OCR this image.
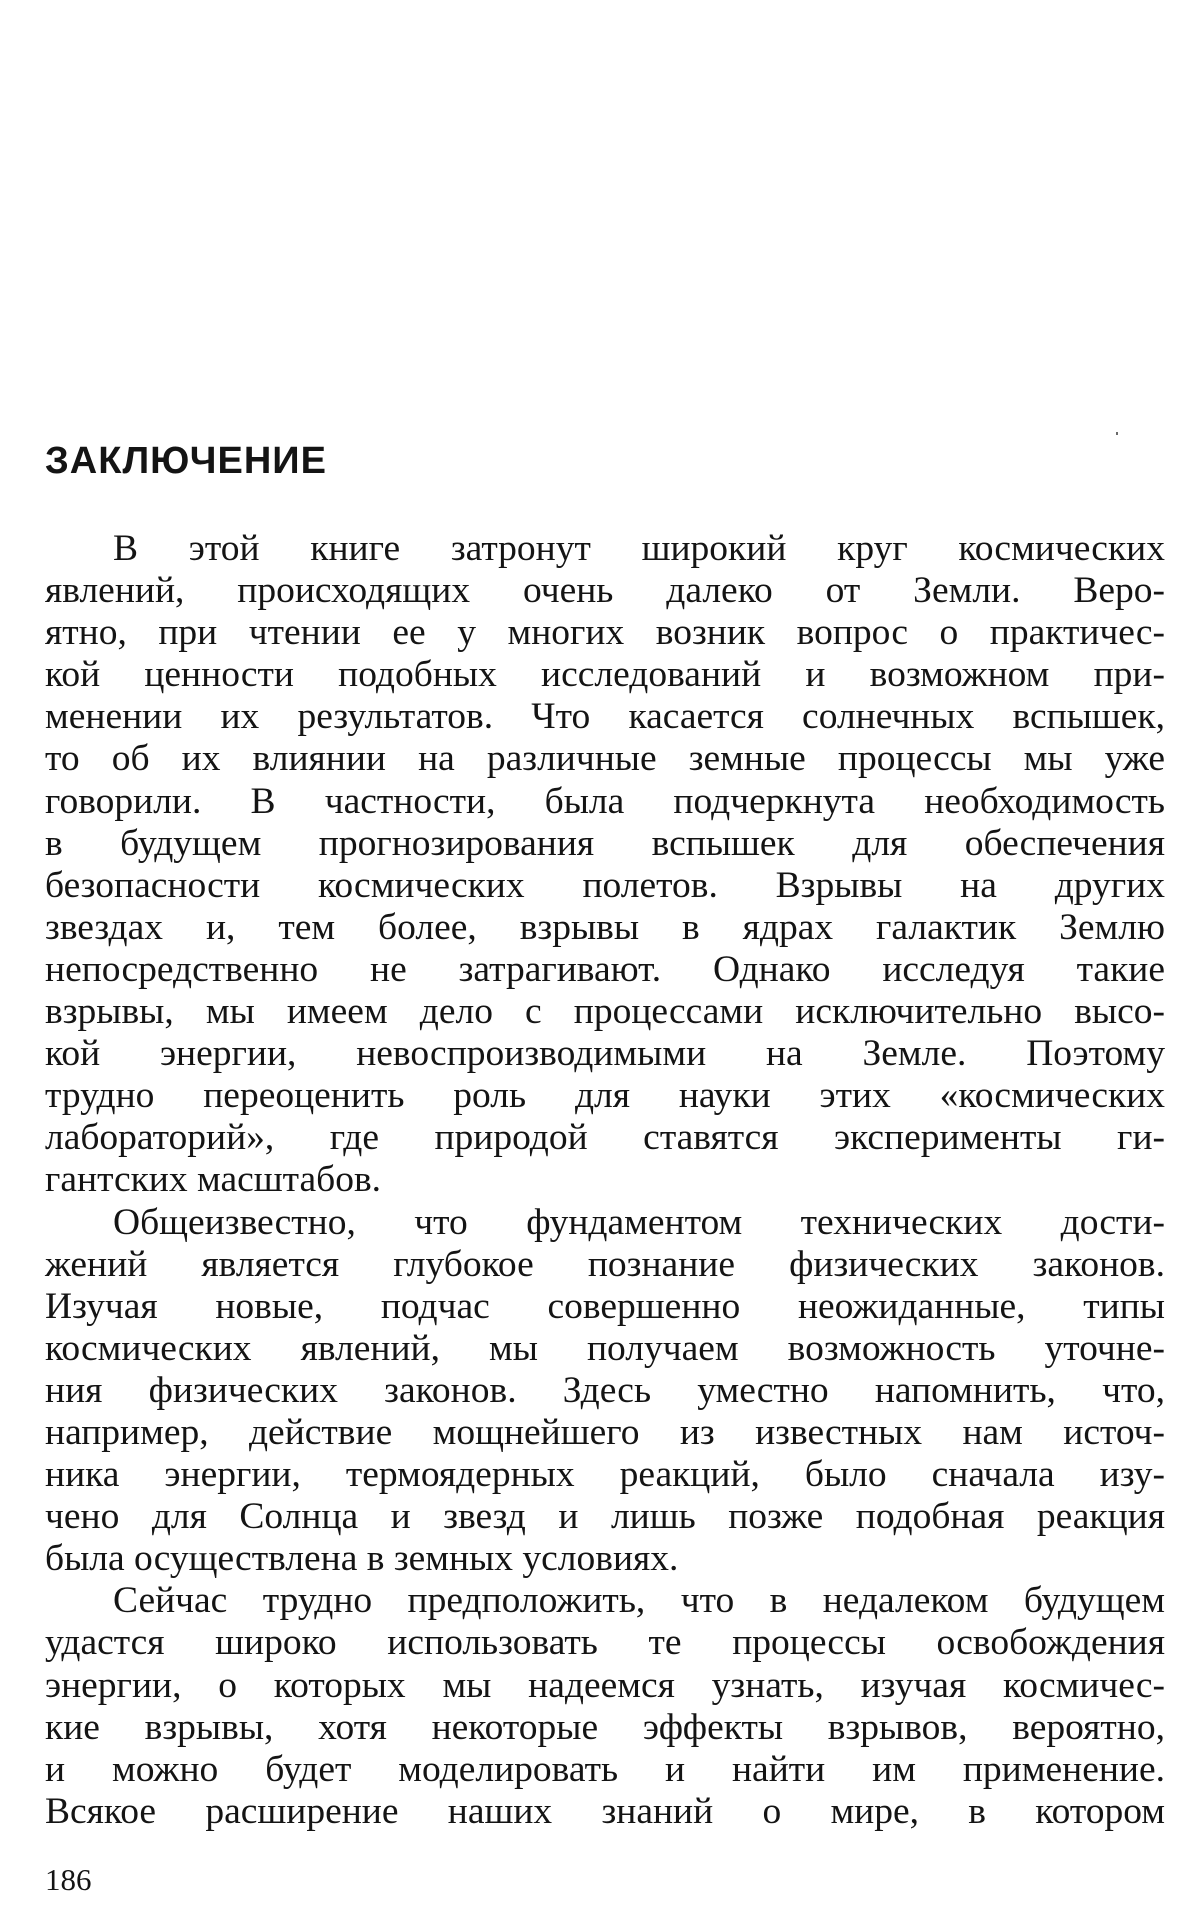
ЗАКЛЮЧЕНИЕ

В этой книге затронут широкий круг космических
явлений, происходящих очень далеко от Земли. Веро-
ятно, при чтении ее у многих возник вопрос о практичес-
кой ценности подобных исследований и возможном при-
менении их результатов. Что касается солнечных вспышек,
то об их влиянии на различные земные процессы мы уже
говорили. В частности, была подчеркнута необходимость
в будущем прогнозирования вспышек для обеспечения
безопасности космических полетов. Взрывы на других
звездах и, тем более, взрывы в ядрах галактик Землю
непосредственно не затрагивают. Однако исследуя такие
взрывы, мы имеем дело с процессами исключительно высо-
кой энергии, невоспроизводимыми на Земле. Поэтому
трудно переоценить роль для науки этих «космических
лабораторий», где природой ставятся эксперименты ги-
гантских масштабов.

Общеизвестно, что фундаментом технических дости-
жений является глубокое познание физических законов.
Изучая новые, подчас совершенно неожиданные, типы
космических явлений, мы получаем возможность уточне-
ния физических законов. Здесь уместно напомнить, что,
например, действие мощнейшего из известных нам источ-
ника энергии, термоядерных реакций, было сначала изу-
чено для Солнца и звезд и лишь позже подобная реакция
была осуществлена в земных условиях.

Сейчас трудно предположить, что в недалеком будущем
удастся широко использовать те процессы освобождения
энергии, о которых мы надеемся узнать, изучая космичес-
кие взрывы, хотя некоторые эффекты взрывов, вероятно,
и можно будет моделировать и найти им применение.
Всякое расширение наших знаний о мире, в котором

186
